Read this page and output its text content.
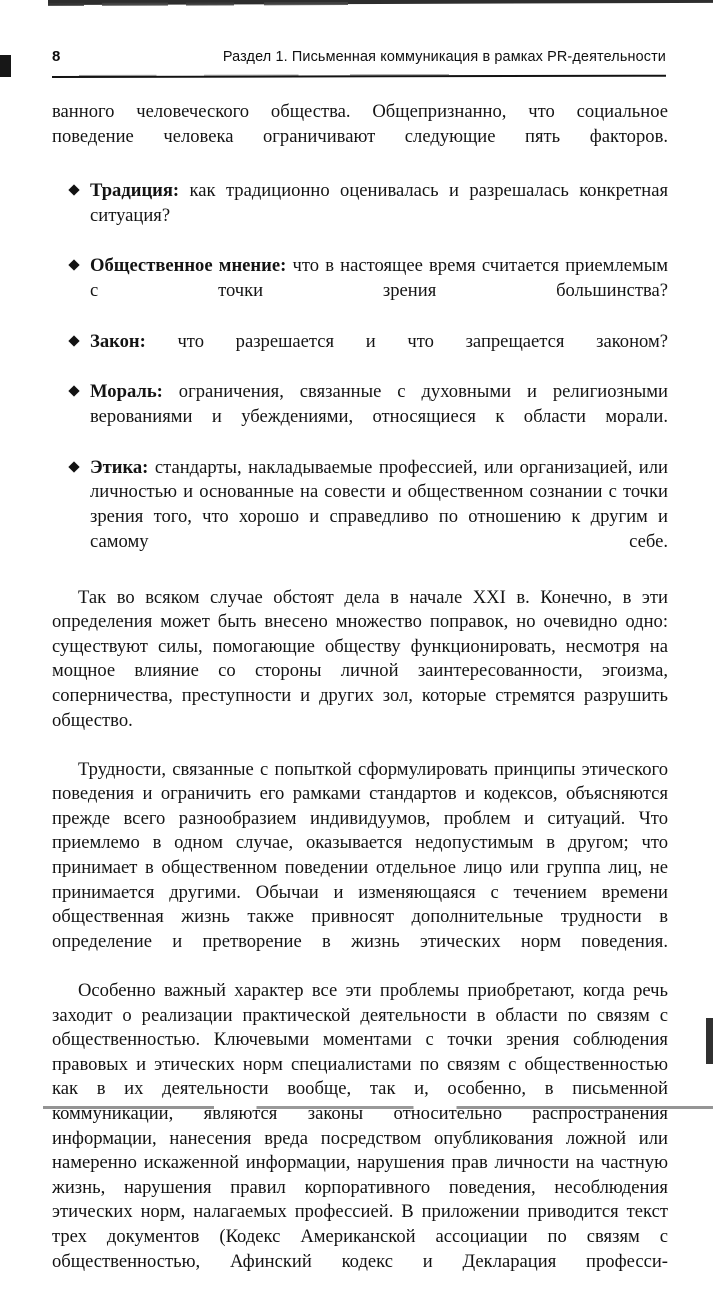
8	Раздел 1. Письменная коммуникация в рамках PR-деятельности

ванного человеческого общества. Общепризнанно, что социальное поведение человека ограничивают следующие пять факторов.

Традиция: как традиционно оценивалась и разрешалась конкретная ситуация?
Общественное мнение: что в настоящее время считается приемлемым с точки зрения большинства?
Закон: что разрешается и что запрещается законом?
Мораль: ограничения, связанные с духовными и религиозными верованиями и убеждениями, относящиеся к области морали.
Этика: стандарты, накладываемые профессией, или организацией, или личностью и основанные на совести и общественном сознании с точки зрения того, что хорошо и справедливо по отношению к другим и самому себе.

Так во всяком случае обстоят дела в начале XXI в. Конечно, в эти определения может быть внесено множество поправок, но очевидно одно: существуют силы, помогающие обществу функционировать, несмотря на мощное влияние со стороны личной заинтересованности, эгоизма, соперничества, преступности и других зол, которые стремятся разрушить общество.

Трудности, связанные с попыткой сформулировать принципы этического поведения и ограничить его рамками стандартов и кодексов, объясняются прежде всего разнообразием индивидуумов, проблем и ситуаций. Что приемлемо в одном случае, оказывается недопустимым в другом; что принимает в общественном поведении отдельное лицо или группа лиц, не принимается другими. Обычаи и изменяющаяся с течением времени общественная жизнь также привносят дополнительные трудности в определение и претворение в жизнь этических норм поведения.

Особенно важный характер все эти проблемы приобретают, когда речь заходит о реализации практической деятельности в области по связям с общественностью. Ключевыми моментами с точки зрения соблюдения правовых и этических норм специалистами по связям с общественностью как в их деятельности вообще, так и, особенно, в письменной коммуникации, являются законы относительно распространения информации, нанесения вреда посредством опубликования ложной или намеренно искаженной информации, нарушения прав личности на частную жизнь, нарушения правил корпоративного поведения, несоблюдения этических норм, налагаемых профессией. В приложении приводится текст трех документов (Кодекс Американской ассоциации по связям с общественностью, Афинский кодекс и Декларация професси-
